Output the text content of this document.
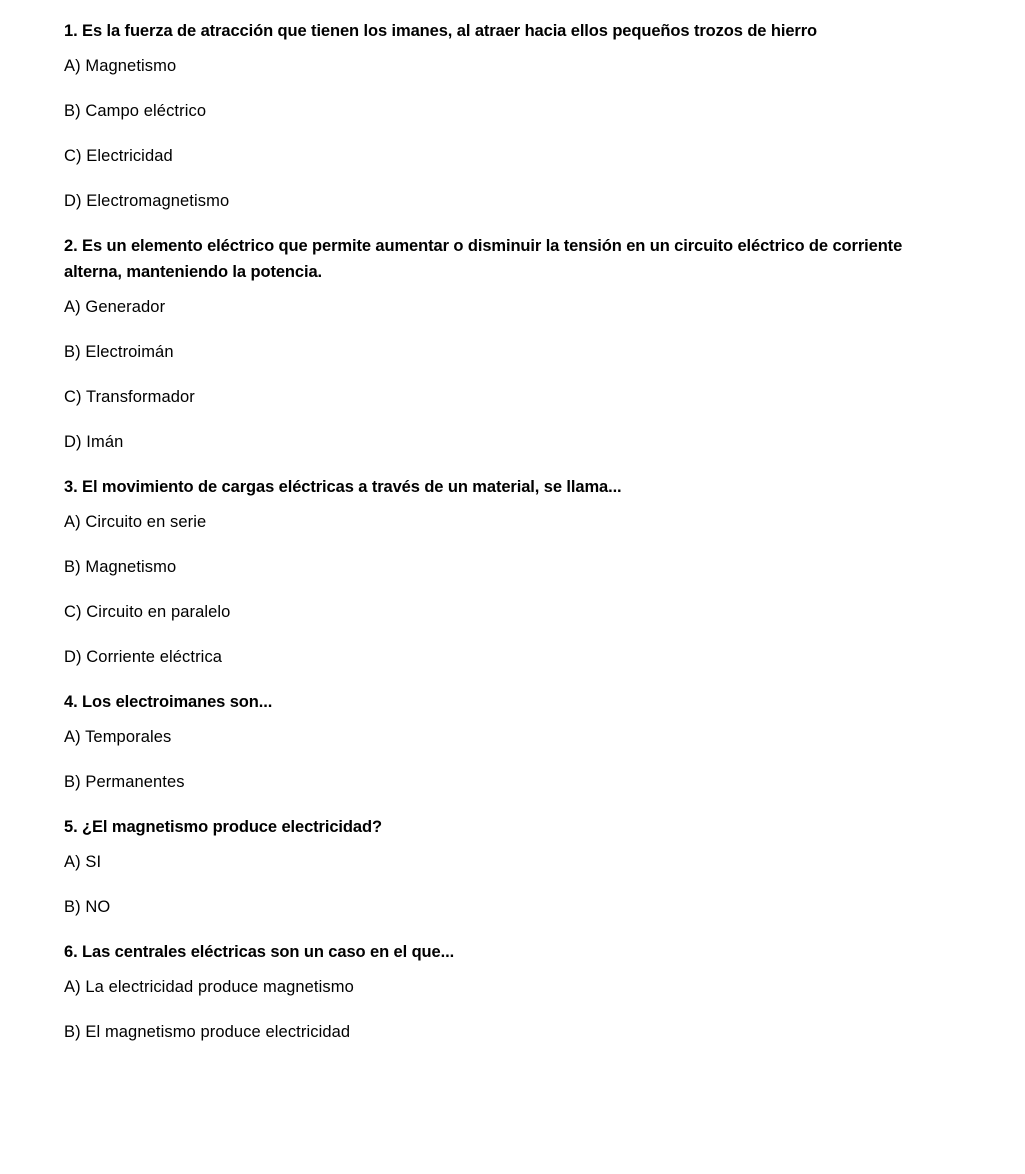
1. Es la fuerza de atracción que tienen los imanes, al atraer hacia ellos pequeños trozos de hierro
A) Magnetismo
B) Campo eléctrico
C) Electricidad
D) Electromagnetismo
2. Es un elemento eléctrico que permite aumentar o disminuir la tensión en un circuito eléctrico de corriente alterna, manteniendo la potencia.
A) Generador
B) Electroimán
C) Transformador
D) Imán
3. El movimiento de cargas eléctricas a través de un material, se llama...
A) Circuito en serie
B) Magnetismo
C) Circuito en paralelo
D) Corriente eléctrica
4. Los electroimanes son...
A) Temporales
B) Permanentes
5. ¿El magnetismo produce electricidad?
A) SI
B) NO
6. Las centrales eléctricas son un caso en el que...
A) La electricidad produce magnetismo
B) El magnetismo produce electricidad
